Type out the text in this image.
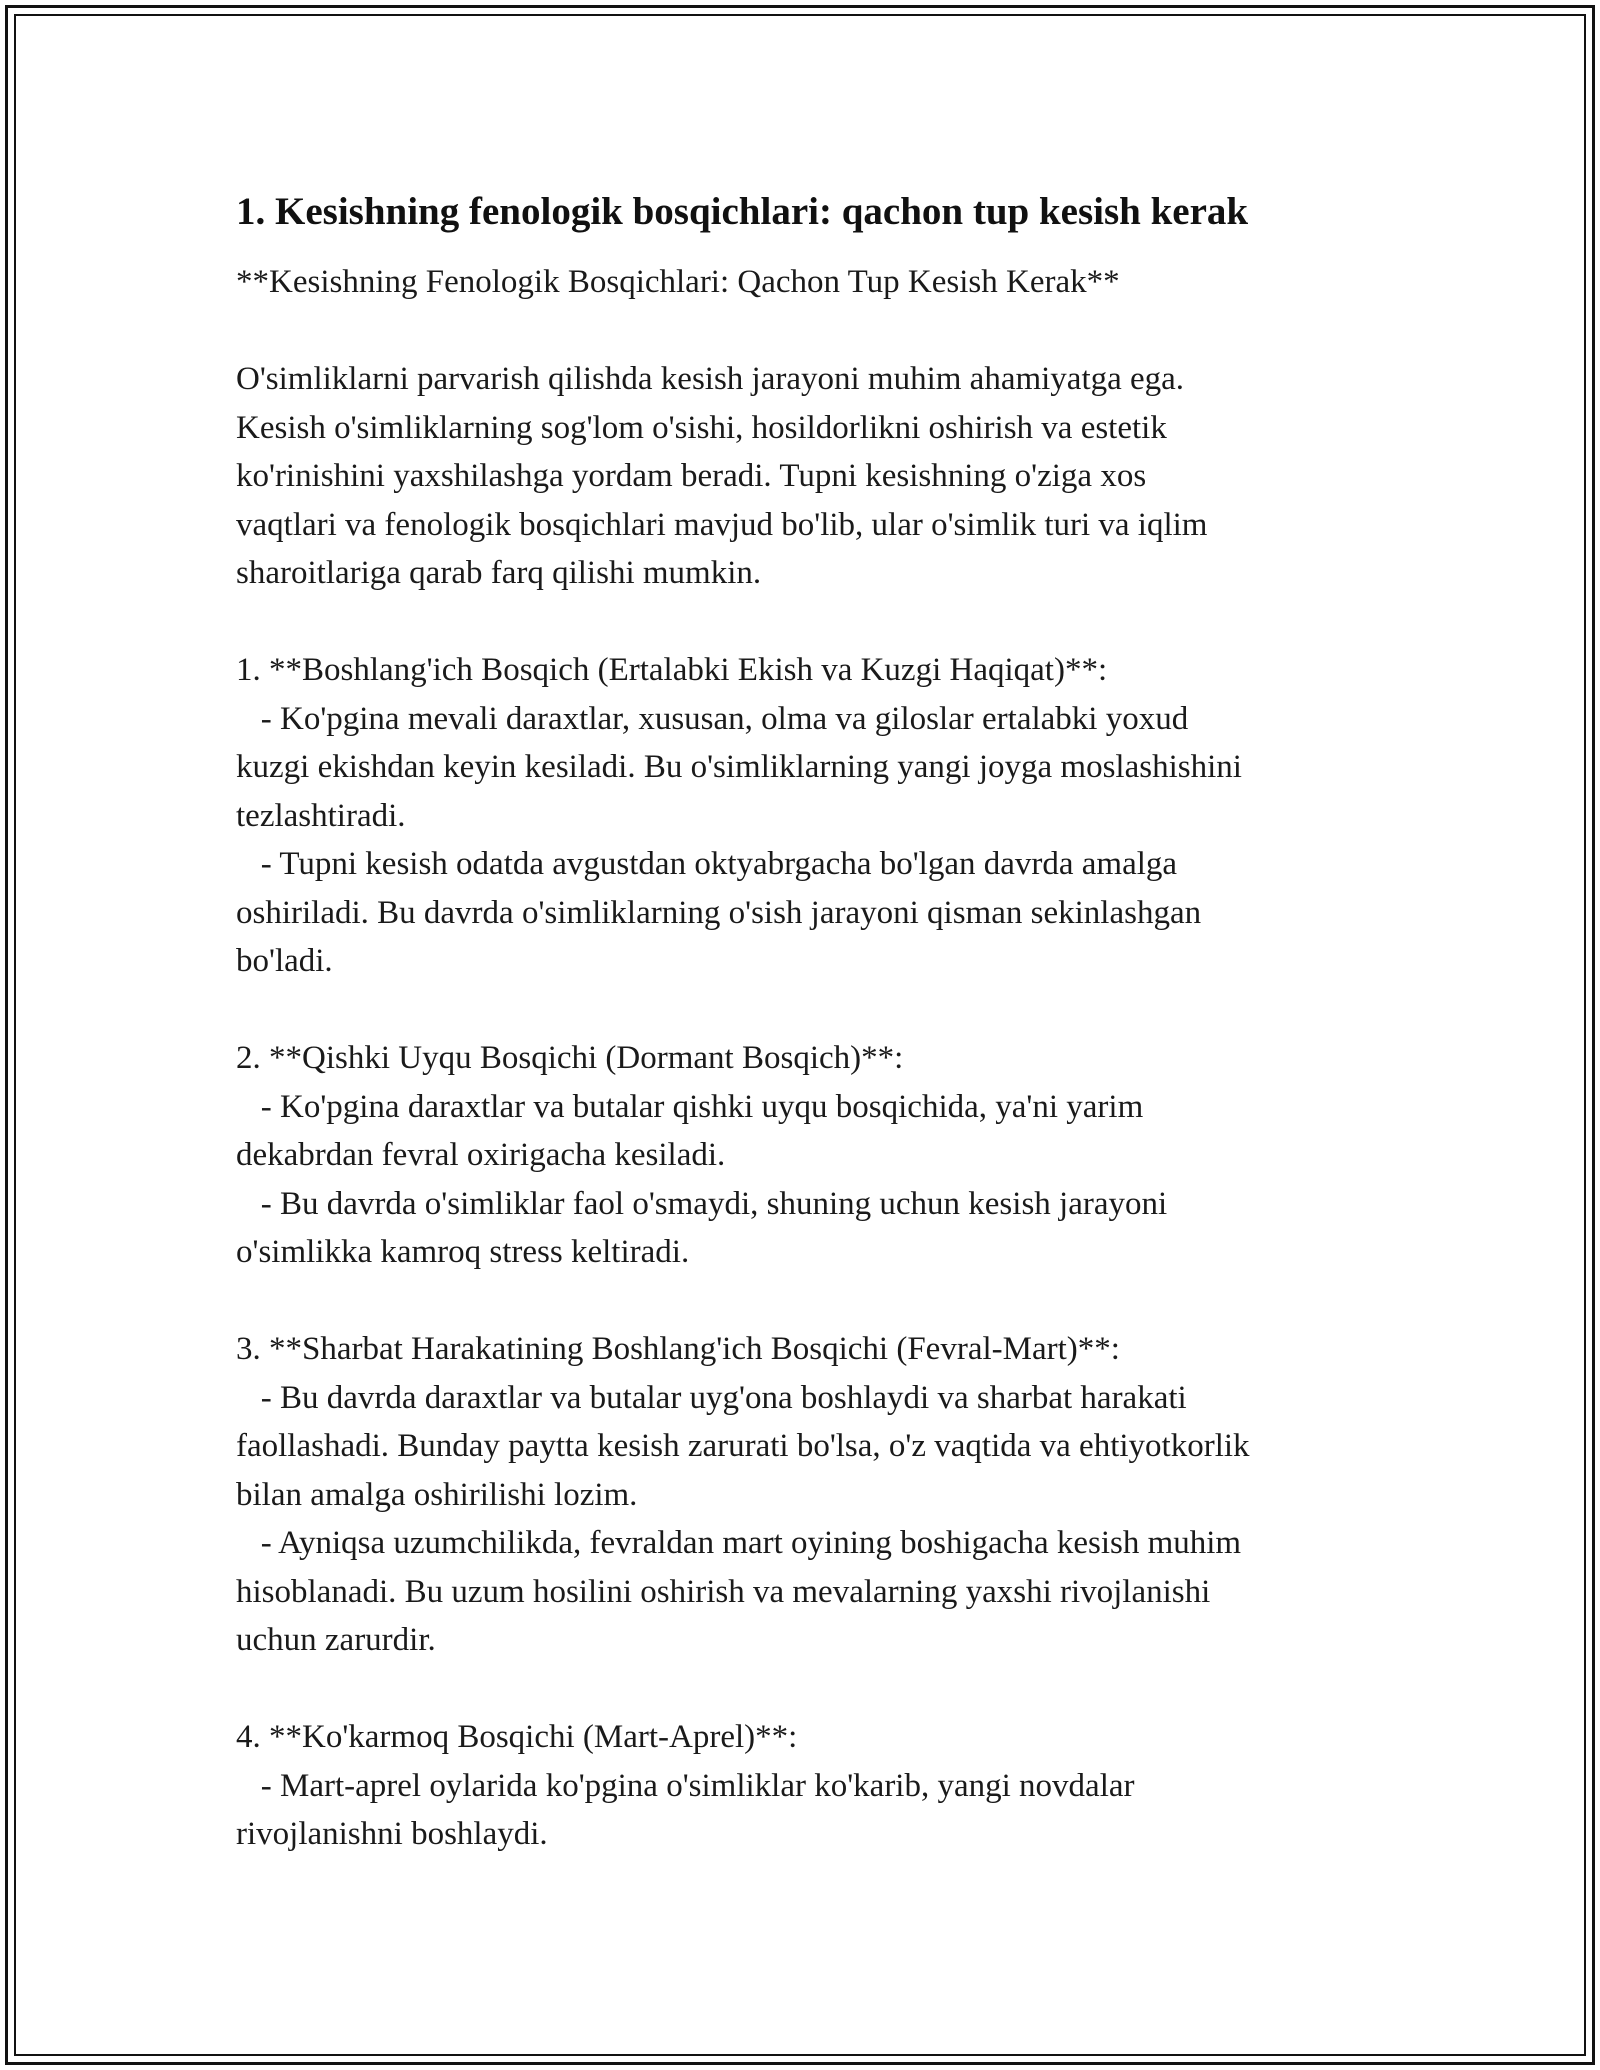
1. Kesishning fenologik bosqichlari: qachon tup kesish kerak

**Kesishning Fenologik Bosqichlari: Qachon Tup Kesish Kerak**

O'simliklarni parvarish qilishda kesish jarayoni muhim ahamiyatga ega.
Kesish o'simliklarning sog'lom o'sishi, hosildorlikni oshirish va estetik
ko'rinishini yaxshilashga yordam beradi. Tupni kesishning o'ziga xos
vaqtlari va fenologik bosqichlari mavjud bo'lib, ular o'simlik turi va iqlim
sharoitlariga qarab farq qilishi mumkin.

1. **Boshlang'ich Bosqich (Ertalabki Ekish va Kuzgi Haqiqat)**:
- Ko'pgina mevali daraxtlar, xususan, olma va giloslar ertalabki yoxud
kuzgi ekishdan keyin kesiladi. Bu o'simliklarning yangi joyga moslashishini
tezlashtiradi.
- Tupni kesish odatda avgustdan oktyabrgacha bo'lgan davrda amalga
oshiriladi. Bu davrda o'simliklarning o'sish jarayoni qisman sekinlashgan
bo'ladi.

2. **Qishki Uyqu Bosqichi (Dormant Bosqich)**:
- Ko'pgina daraxtlar va butalar qishki uyqu bosqichida, ya'ni yarim
dekabrdan fevral oxirigacha kesiladi.
- Bu davrda o'simliklar faol o'smaydi, shuning uchun kesish jarayoni
o'simlikka kamroq stress keltiradi.

3. **Sharbat Harakatining Boshlang'ich Bosqichi (Fevral-Mart)**:
- Bu davrda daraxtlar va butalar uyg'ona boshlaydi va sharbat harakati
faollashadi. Bunday paytta kesish zarurati bo'lsa, o'z vaqtida va ehtiyotkorlik
bilan amalga oshirilishi lozim.
- Ayniqsa uzumchilikda, fevraldan mart oyining boshigacha kesish muhim
hisoblanadi. Bu uzum hosilini oshirish va mevalarning yaxshi rivojlanishi
uchun zarurdir.

4. **Ko'karmoq Bosqichi (Mart-Aprel)**:
- Mart-aprel oylarida ko'pgina o'simliklar ko'karib, yangi novdalar
rivojlanishni boshlaydi.
